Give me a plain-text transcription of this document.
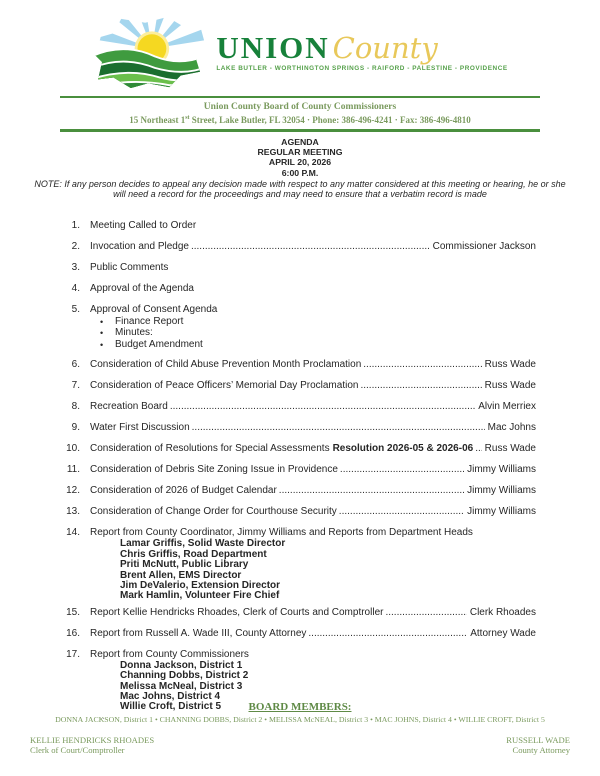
UNION County
LAKE BUTLER - WORTHINGTON SPRINGS - RAIFORD - PALESTINE - PROVIDENCE
Union County Board of County Commissioners
15 Northeast 1st Street, Lake Butler, FL 32054 · Phone: 386-496-4241 · Fax: 386-496-4810
AGENDA
REGULAR MEETING
APRIL 20, 2026
6:00 P.M.
NOTE: If any person decides to appeal any decision made with respect to any matter considered at this meeting or hearing, he or she will need a record for the proceedings and may need to ensure that a verbatim record is made
1. Meeting Called to Order
2. Invocation and Pledge .....	Commissioner Jackson
3. Public Comments
4. Approval of the Agenda
5. Approval of Consent Agenda
•	Finance Report
•	Minutes:
•	Budget Amendment
6. Consideration of Child Abuse Prevention Month Proclamation .....	Russ Wade
7. Consideration of Peace Officers’ Memorial Day Proclamation .....	Russ Wade
8. Recreation Board .....	Alvin Merriex
9. Water First Discussion .....	Mac Johns
10. Consideration of Resolutions for Special Assessments Resolution 2026-05 & 2026-06 .....	Russ Wade
11. Consideration of Debris Site Zoning Issue in Providence .....	Jimmy Williams
12. Consideration of 2026 of Budget Calendar .....	Jimmy Williams
13. Consideration of Change Order for Courthouse Security .....	Jimmy Williams
14. Report from County Coordinator, Jimmy Williams and Reports from Department Heads
Lamar Griffis, Solid Waste Director
Chris Griffis, Road Department
Priti McNutt, Public Library
Brent Allen, EMS Director
Jim DeValerio, Extension Director
Mark Hamlin, Volunteer Fire Chief
15. Report Kellie Hendricks Rhoades, Clerk of Courts and Comptroller .....	Clerk Rhoades
16. Report from Russell A. Wade III, County Attorney .....	Attorney Wade
17. Report from County Commissioners
Donna Jackson, District 1
Channing Dobbs, District 2
Melissa McNeal, District 3
Mac Johns, District 4
Willie Croft, District 5	BOARD MEMBERS:
DONNA JACKSON, District 1 • CHANNING DOBBS, District 2 • MELISSA McNEAL, District 3 • MAC JOHNS, District 4 • WILLIE CROFT, District 5
KELLIE HENDRICKS RHOADES
Clerk of Court/Comptroller
RUSSELL WADE
County Attorney
